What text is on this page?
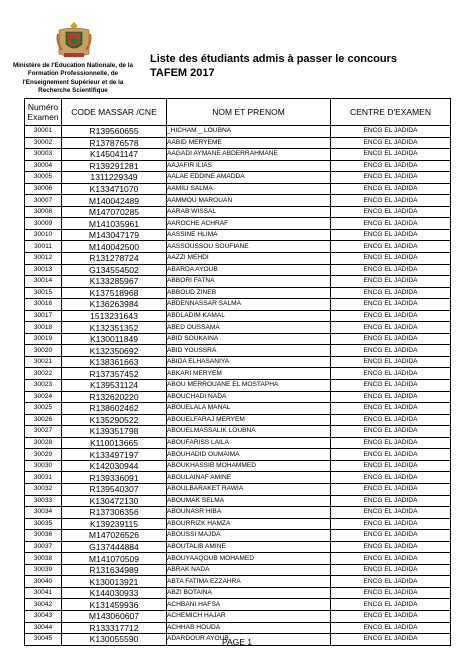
Ministère de l'Education Nationale, de la
Formation Professionnelle, de
l'Enseignement Supérieur et de la
Recherche Scientifique
Liste des étudiants admis à passer le concours
TAFEM 2017
Numéro Examen	CODE MASSAR /CNE	NOM ET PRENOM	CENTRE D'EXAMEN
30001	R139560655	_HICHAM _ LOUBNA	ENCG EL JADIDA
30002	R137876578	AABID MERYEME	ENCG EL JADIDA
30003	K145041147	AAGADI AYMANE ABDERRAHMANE	ENCG EL JADIDA
30004	R139291281	AAJAFIR ILIAS	ENCG EL JADIDA
30005	1311229349	AALAE EDDINE AMADDA	ENCG EL JADIDA
30006	K133471070	AAMILI SALMA	ENCG EL JADIDA
30007	M140042489	AAMMOU MAROUAN	ENCG EL JADIDA
30008	M147070285	AARAB WISSAL	ENCG EL JADIDA
30009	M141035961	AAROCHE ACHRAF	ENCG EL JADIDA
30010	M143047179	AASSINE HLIMA	ENCG EL JADIDA
30011	M140042500	AASSOUSSOU SOUFIANE	ENCG EL JADIDA
30012	R131278724	AAZZI MEHDI	ENCG EL JADIDA
30013	G134554502	ABARDA AYOUB	ENCG EL JADIDA
30014	K133285967	ABBORI FATNA	ENCG EL JADIDA
30015	K137518968	ABBOUD ZINEB	ENCG EL JADIDA
30016	K136263984	ABDENNASSAR SALMA	ENCG EL JADIDA
30017	1513231643	ABDLADIM KAMAL	ENCG EL JADIDA
30018	K132351352	ABED OUSSAMA	ENCG EL JADIDA
30019	K130011849	ABID SOUKAINA	ENCG EL JADIDA
30020	K132350692	ABID YOUSSRA	ENCG EL JADIDA
30021	K138361663	ABIDA ELHASANIYA	ENCG EL JADIDA
30022	R137357452	ABKARI MERYEM	ENCG EL JADIDA
30023	K139531124	ABOU MERROUANE EL MOSTAPHA	ENCG EL JADIDA
30024	R132620220	ABOUCHADI NADA	ENCG EL JADIDA
30025	R138602462	ABOUELALA MANAL	ENCG EL JADIDA
30026	K135290522	ABOUELFARAJ MERYEM	ENCG EL JADIDA
30027	K139351798	ABOUELMASSALIK LOUBNA	ENCG EL JADIDA
30028	K110013665	ABOUFARISS LAILA	ENCG EL JADIDA
30029	K133497197	ABOUHADID OUMAIMA	ENCG EL JADIDA
30030	K142030944	ABOUKHASSIB MOHAMMED	ENCG EL JADIDA
30031	R139336091	ABOULAINAF AMINE	ENCG EL JADIDA
30032	R139540307	ABOULBARAKET RAWIA	ENCG EL JADIDA
30033	K130472130	ABOUMAK SELMA	ENCG EL JADIDA
30034	R137306356	ABOUNASR HIBA	ENCG EL JADIDA
30035	K139239115	ABOURRIZK HAMZA	ENCG EL JADIDA
30036	M147026526	ABOUSSI MAJDA	ENCG EL JADIDA
30037	G137444884	ABOUTALIB AMINE	ENCG EL JADIDA
30038	M141070509	ABOUYAAQOUB MOHAMED	ENCG EL JADIDA
30039	R131634989	ABRAK NADA	ENCG EL JADIDA
30040	K130013921	ABTA FATIMA EZZAHRA	ENCG EL JADIDA
30041	K144030933	ABZI BOTAINA	ENCG EL JADIDA
30042	K131459936	ACHBANI HAFSA	ENCG EL JADIDA
30043	M143060607	ACHEMICH HAJAR	ENCG EL JADIDA
30044	R133317712	ACHHAB HOUDA	ENCG EL JADIDA
30045	K130055590	ADARDOUR AYOUB	ENCG EL JADIDA
PAGE 1
